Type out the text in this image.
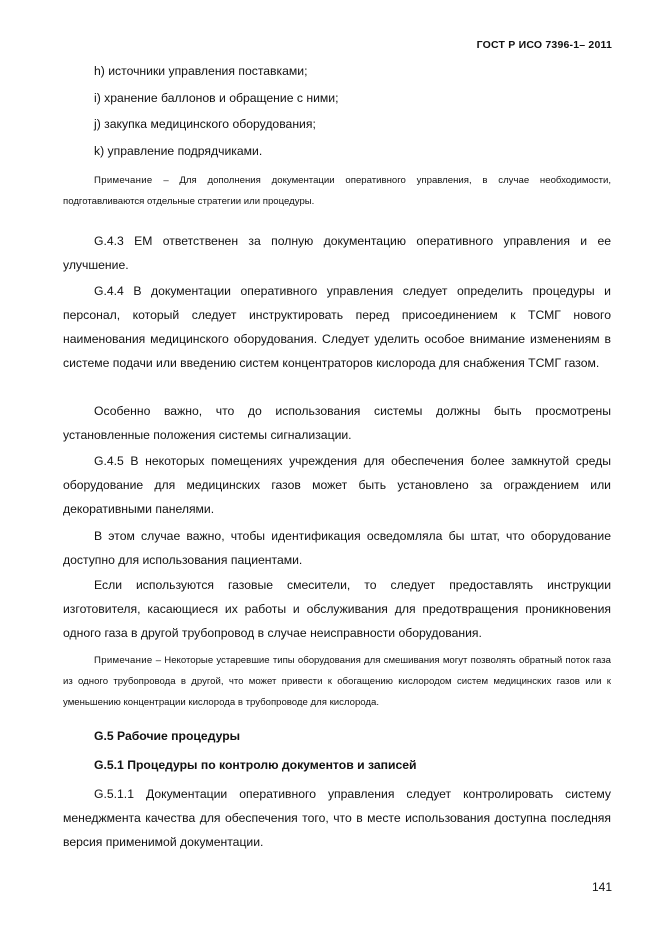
ГОСТ Р ИСО 7396-1– 2011
h) источники управления поставками;
i) хранение баллонов и обращение с ними;
j) закупка медицинского оборудования;
k) управление подрядчиками.
Примечание – Для дополнения документации оперативного управления, в случае необходимости, подготавливаются отдельные стратегии или процедуры.
G.4.3 ЕМ ответственен за полную документацию оперативного управления и ее улучшение.
G.4.4 В документации оперативного управления следует определить процедуры и персонал, который следует инструктировать перед присоединением к ТСМГ нового наименования медицинского оборудования. Следует уделить особое внимание изменениям в системе подачи или введению систем концентраторов кислорода для снабжения ТСМГ газом.
Особенно важно, что до использования системы должны быть просмотрены установленные положения системы сигнализации.
G.4.5 В некоторых помещениях учреждения для обеспечения более замкнутой среды оборудование для медицинских газов может быть установлено за ограждением или декоративными панелями.
В этом случае важно, чтобы идентификация осведомляла бы штат, что оборудование доступно для использования пациентами.
Если используются газовые смесители, то следует предоставлять инструкции изготовителя, касающиеся их работы и обслуживания для предотвращения проникновения одного газа в другой трубопровод в случае неисправности оборудования.
Примечание – Некоторые устаревшие типы оборудования для смешивания могут позволять обратный поток газа из одного трубопровода в другой, что может привести к обогащению кислородом систем медицинских газов или к уменьшению концентрации кислорода в трубопроводе для кислорода.
G.5 Рабочие процедуры
G.5.1 Процедуры по контролю документов и записей
G.5.1.1 Документации оперативного управления следует контролировать систему менеджмента качества для обеспечения того, что в месте использования доступна последняя версия применимой документации.
141
